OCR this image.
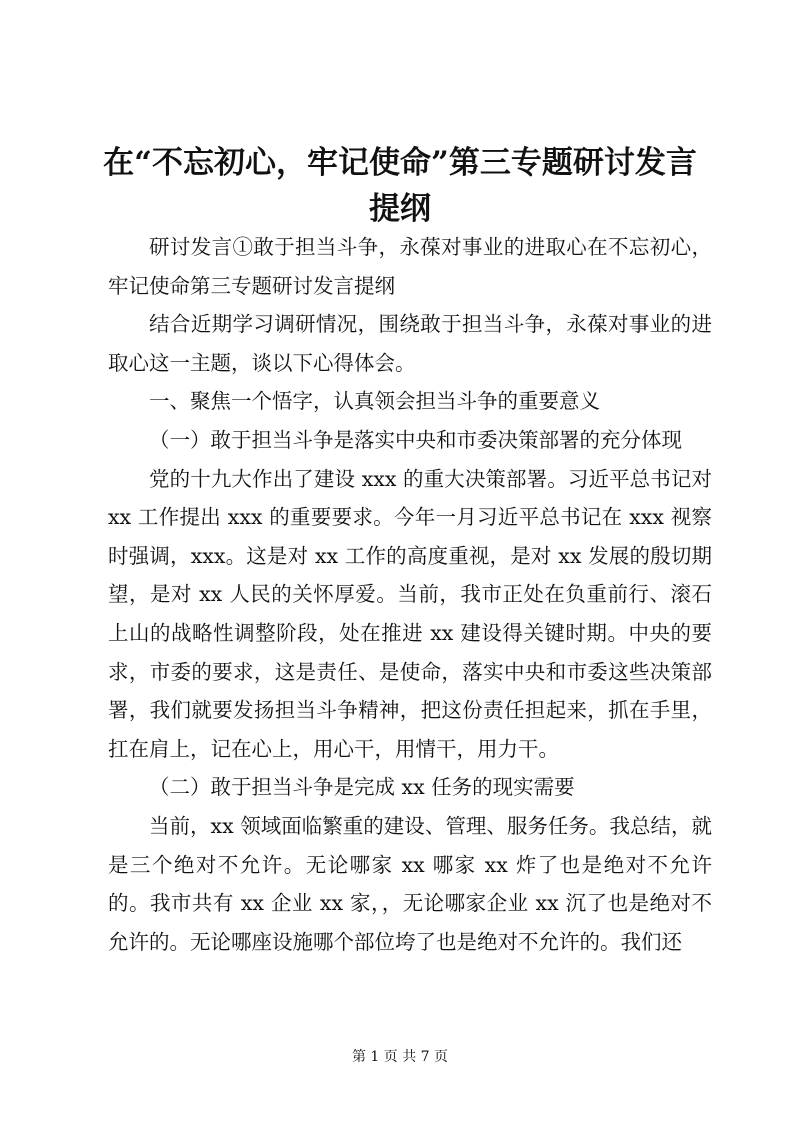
在“不忘初心，牢记使命”第三专题研讨发言提纲

研讨发言①敢于担当斗争，永葆对事业的进取心在不忘初心，牢记使命第三专题研讨发言提纲

结合近期学习调研情况，围绕敢于担当斗争，永葆对事业的进取心这一主题，谈以下心得体会。

一、聚焦一个悟字，认真领会担当斗争的重要意义

（一）敢于担当斗争是落实中央和市委决策部署的充分体现

党的十九大作出了建设 xxx 的重大决策部署。习近平总书记对 xx 工作提出 xxx 的重要要求。今年一月习近平总书记在 xxx 视察时强调，xxx。这是对 xx 工作的高度重视，是对 xx 发展的殷切期望，是对 xx 人民的关怀厚爱。当前，我市正处在负重前行、滚石上山的战略性调整阶段，处在推进 xx 建设得关键时期。中央的要求，市委的要求，这是责任、是使命，落实中央和市委这些决策部署，我们就要发扬担当斗争精神，把这份责任担起来，抓在手里，扛在肩上，记在心上，用心干，用情干，用力干。

（二）敢于担当斗争是完成 xx 任务的现实需要

当前，xx 领域面临繁重的建设、管理、服务任务。我总结，就是三个绝对不允许。无论哪家 xx 哪家 xx 炸了也是绝对不允许的。我市共有 xx 企业 xx 家，，无论哪家企业 xx 沉了也是绝对不允许的。无论哪座设施哪个部位垮了也是绝对不允许的。我们还

第 1 页 共 7 页
